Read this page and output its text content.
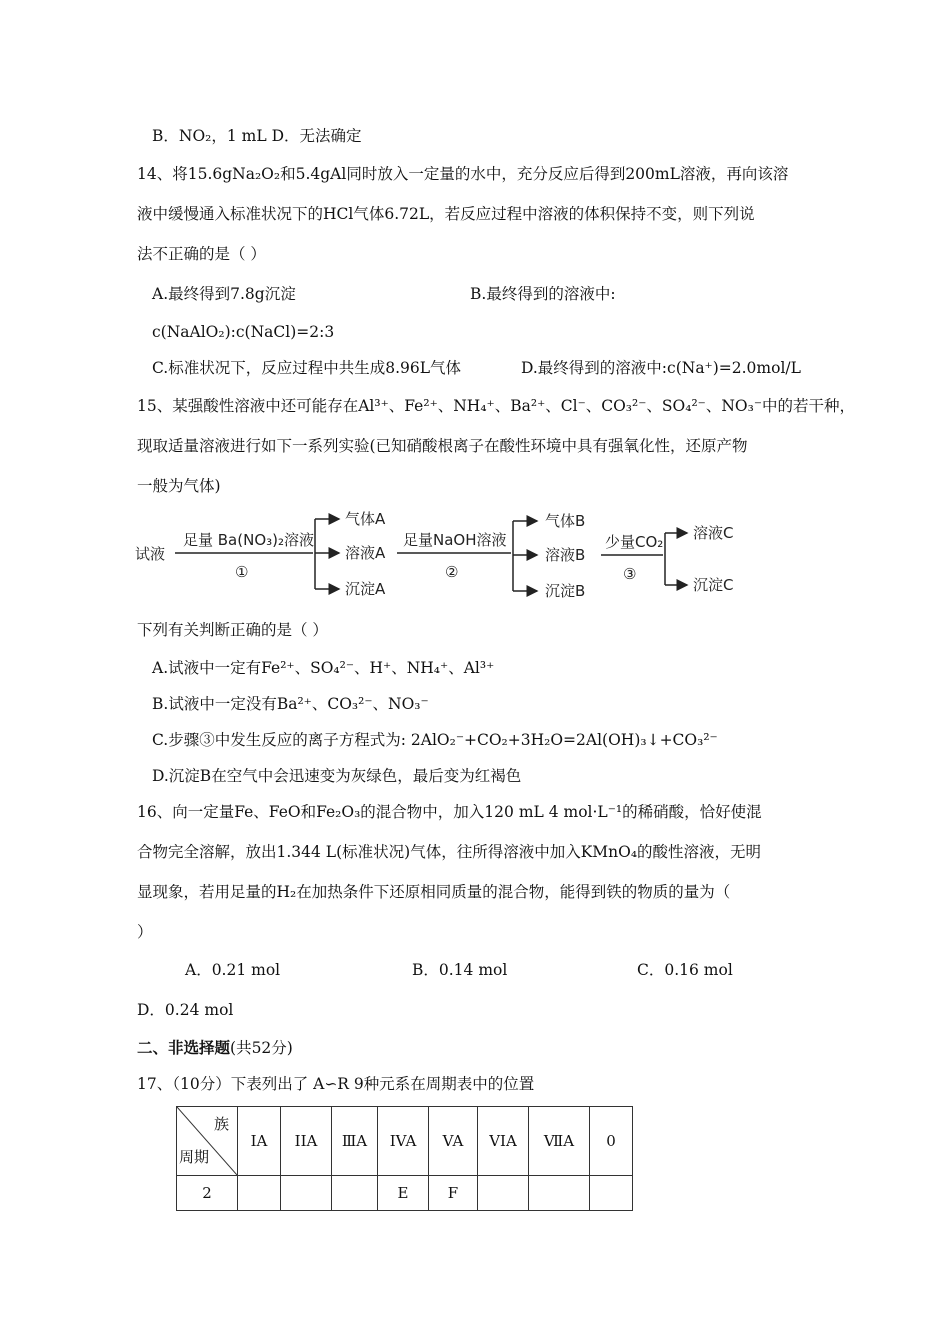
B．NO₂，1 mL D．无法确定
14、将15.6gNa₂O₂和5.4gAl同时放入一定量的水中，充分反应后得到200mL溶液，再向该溶
液中缓慢通入标准状况下的HCl气体6.72L，若反应过程中溶液的体积保持不变，则下列说
法不正确的是（ ）
A.最终得到7.8g沉淀	B.最终得到的溶液中:
c(NaAlO₂):c(NaCl)=2:3
C.标准状况下，反应过程中共生成8.96L气体	D.最终得到的溶液中:c(Na⁺)=2.0mol/L
15、某强酸性溶液中还可能存在Al³⁺、Fe²⁺、NH₄⁺、Ba²⁺、Cl⁻、CO₃²⁻、SO₄²⁻、NO₃⁻中的若干种，
现取适量溶液进行如下一系列实验(已知硝酸根离子在酸性环境中具有强氧化性，还原产物
一般为气体)
试液
足量 Ba(NO₃)₂溶液
①
气体A
溶液A
沉淀A
足量NaOH溶液
②
气体B
溶液B
沉淀B
少量CO₂
③
溶液C
沉淀C
下列有关判断正确的是（ ）
A.试液中一定有Fe²⁺、SO₄²⁻、H⁺、NH₄⁺、Al³⁺
B.试液中一定没有Ba²⁺、CO₃²⁻、NO₃⁻
C.步骤③中发生反应的离子方程式为: 2AlO₂⁻+CO₂+3H₂O=2Al(OH)₃↓+CO₃²⁻
D.沉淀B在空气中会迅速变为灰绿色，最后变为红褐色
16、向一定量Fe、FeO和Fe₂O₃的混合物中，加入120 mL 4 mol·L⁻¹的稀硝酸，恰好使混
合物完全溶解，放出1.344 L(标准状况)气体，往所得溶液中加入KMnO₄的酸性溶液，无明
显现象，若用足量的H₂在加热条件下还原相同质量的混合物，能得到铁的物质的量为（
）
A．0.21 mol	B．0.14 mol	C．0.16 mol
D．0.24 mol
二、非选择题(共52分)
17、（10分）下表列出了 A∽R 9种元系在周期表中的位置
族
周期	IA	IIA	ⅢA	IVA	VA	VIA	ⅦA	0
2				E	F			
